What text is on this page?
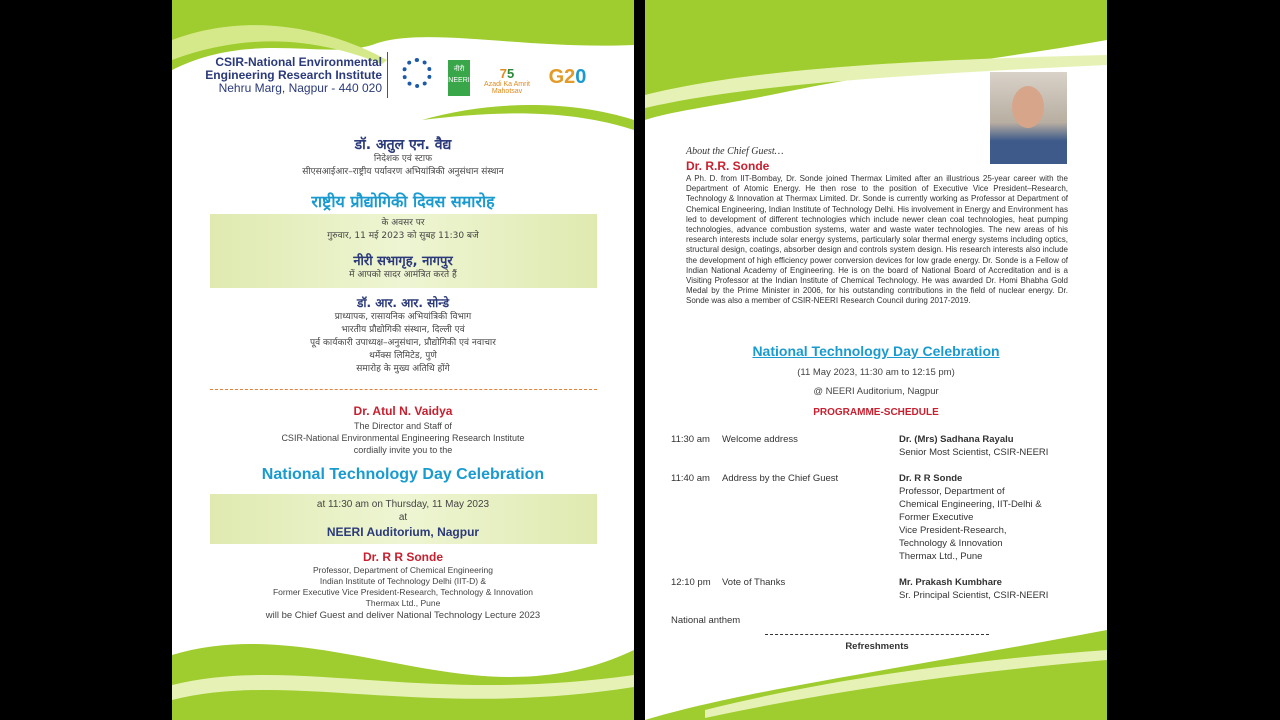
CSIR-National Environmental
Engineering Research Institute
Nehru Marg, Nagpur - 440 020
नीरी
NEERI	75
Azadi Ka Amrit Mahotsav
G20
डॉ. अतुल एन. वैद्य
निदेशक एवं स्टाफ
सीएसआईआर–राष्ट्रीय पर्यावरण अभियांत्रिकी अनुसंधान संस्थान
राष्ट्रीय प्रौद्योगिकी दिवस समारोह
के अवसर पर
गुरुवार, 11 मई 2023 को सुबह 11:30 बजे
नीरी सभागृह, नागपुर
में आपको सादर आमंत्रित करते हैं
डॉ. आर. आर. सोन्डे
प्राध्यापक, रासायनिक अभियांत्रिकी विभाग
भारतीय प्रौद्योगिकी संस्थान, दिल्ली एवं
पूर्व कार्यकारी उपाध्यक्ष–अनुसंधान, प्रौद्योगिकी एवं नवाचार
थर्मेक्स लिमिटेड, पुणे
समारोह के मुख्य अतिथि होंगे
Dr. Atul N. Vaidya
The Director and Staff of
CSIR-National Environmental Engineering Research Institute
cordially invite you to the
National Technology Day Celebration
at 11:30 am on Thursday, 11 May 2023
at
NEERI Auditorium, Nagpur
Dr. R R Sonde
Professor, Department of Chemical Engineering
Indian Institute of Technology Delhi (IIT-D) &
Former Executive Vice President-Research, Technology & Innovation
Thermax Ltd., Pune
will be Chief Guest and deliver National Technology Lecture 2023
About the Chief Guest…
Dr. R.R. Sonde
A Ph. D. from IIT-Bombay, Dr. Sonde joined Thermax Limited after an illustrious 25-year career with the Department of Atomic Energy. He then rose to the position of Executive Vice President–Research, Technology & Innovation at Thermax Limited. Dr. Sonde is currently working as Professor at Department of Chemical Engineering, Indian Institute of Technology Delhi. His involvement in Energy and Environment has led to development of different technologies which include newer clean coal technologies, heat pumping technologies, advance combustion systems, water and waste water technologies. The new areas of his research interests include solar energy systems, particularly solar thermal energy systems including optics, structural design, coatings, absorber design and controls system design. His research interests also include the development of high efficiency power conversion devices for low grade energy. Dr. Sonde is a Fellow of Indian National Academy of Engineering. He is on the board of National Board of Accreditation and is a Visiting Professor at the Indian Institute of Chemical Technology. He was awarded Dr. Homi Bhabha Gold Medal by the Prime Minister in 2006, for his outstanding contributions in the field of nuclear energy. Dr. Sonde was also a member of CSIR-NEERI Research Council during 2017-2019.
National Technology Day Celebration
(11 May 2023, 11:30 am to 12:15 pm)
@ NEERI Auditorium, Nagpur
PROGRAMME-SCHEDULE
11:30 am Welcome address	Dr. (Mrs) Sadhana Rayalu
Senior Most Scientist, CSIR-NEERI
11:40 am Address by the Chief Guest	Dr. R R Sonde
Professor, Department of
Chemical Engineering, IIT-Delhi &
Former Executive
Vice President-Research,
Technology & Innovation
Thermax Ltd., Pune
12:10 pm Vote of Thanks	Mr. Prakash Kumbhare
Sr. Principal Scientist, CSIR-NEERI
National anthem
Refreshments
